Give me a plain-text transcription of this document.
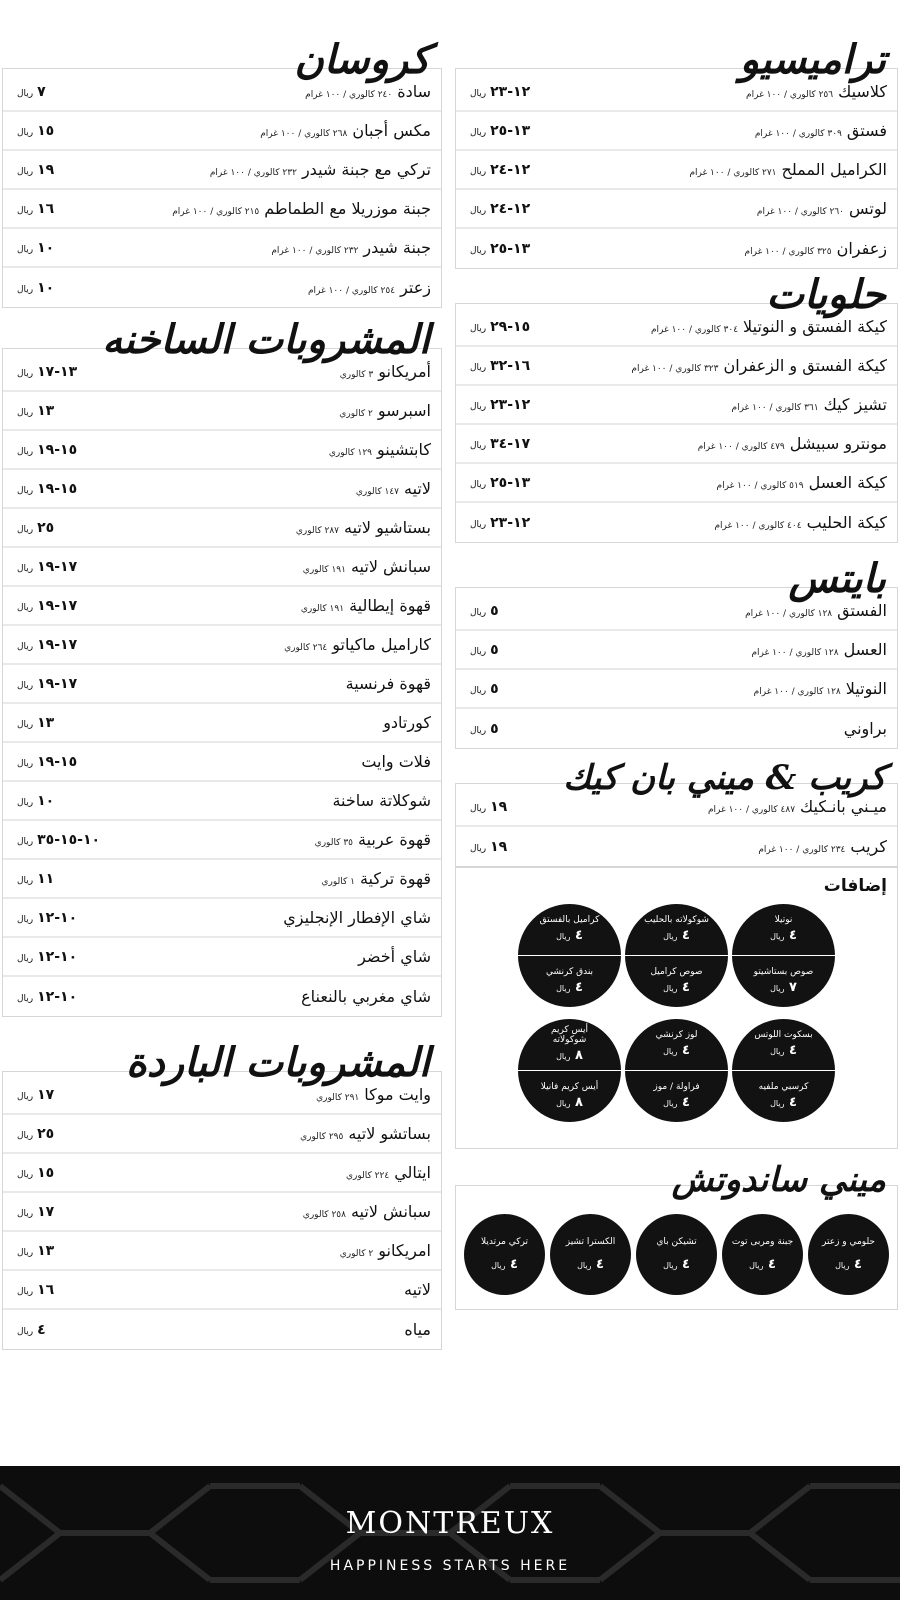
كروسان
سادة
٢٤٠ كالوري / ١٠٠ غرام
٧
ريال
مكس أجبان
٢٦٨ كالوري / ١٠٠ غرام
١٥
ريال
تركي مع جبنة شيدر
٢٣٢ كالوري / ١٠٠ غرام
١٩
ريال
جبنة موزريلا مع الطماطم
٢١٥ كالوري / ١٠٠ غرام
١٦
ريال
جبنة شيدر
٢٣٢ كالوري / ١٠٠ غرام
١٠
ريال
زعتر
٢٥٤ كالوري / ١٠٠ غرام
١٠
ريال
المشروبات الساخنه
أمريكانو
٣ كالوري
١٣-١٧
ريال
اسبرسو
٢ كالوري
١٣
ريال
كابتشينو
١٢٩ كالوري
١٥-١٩
ريال
لاتيه
١٤٧ كالوري
١٥-١٩
ريال
بستاشيو لاتيه
٢٨٧ كالوري
٢٥
ريال
سبانش لاتيه
١٩١ كالوري
١٧-١٩
ريال
قهوة إيطالية
١٩١ كالوري
١٧-١٩
ريال
كاراميل ماكياتو
٢٦٤ كالوري
١٧-١٩
ريال
قهوة فرنسية
١٧-١٩
ريال
كورتادو
١٣
ريال
فلات وايت
١٥-١٩
ريال
شوكلاتة ساخنة
١٠
ريال
قهوة عربية
٣٥ كالوري
١٠-١٥-٣٥
ريال
قهوة تركية
١ كالوري
١١
ريال
شاي الإفطار الإنجليزي
١٠-١٢
ريال
شاي أخضر
١٠-١٢
ريال
شاي مغربي بالنعناع
١٠-١٢
ريال
المشروبات الباردة
وايت موكا
٢٩١ كالوري
١٧
ريال
بساتشو لاتيه
٢٩٥ كالوري
٢٥
ريال
ايتالي
٢٢٤ كالوري
١٥
ريال
سبانش لاتيه
٢٥٨ كالوري
١٧
ريال
امريكانو
٢ كالوري
١٣
ريال
لاتيه
١٦
ريال
مياه
٤
ريال
تراميسيو
كلاسيك
٢٥٦ كالوري / ١٠٠ غرام
١٢-٢٣
ريال
فستق
٣٠٩ كالوري / ١٠٠ غرام
١٣-٢٥
ريال
الكراميل المملح
٢٧١ كالوري / ١٠٠ غرام
١٢-٢٤
ريال
لوتس
٢٦٠ كالوري / ١٠٠ غرام
١٢-٢٤
ريال
زعفران
٣٢٥ كالوري / ١٠٠ غرام
١٣-٢٥
ريال
حلويات
كيكة الفستق و النوتيلا
٣٠٤ كالوري / ١٠٠ غرام
١٥-٢٩
ريال
كيكة الفستق و الزعفران
٣٢٣ كالوري / ١٠٠ غرام
١٦-٣٢
ريال
تشيز كيك
٣٦١ كالوري / ١٠٠ غرام
١٢-٢٣
ريال
مونترو سبيشل
٤٧٩ كالوري / ١٠٠ غرام
١٧-٣٤
ريال
كيكة العسل
٥١٩ كالوري / ١٠٠ غرام
١٣-٢٥
ريال
كيكة الحليب
٤٠٤ كالوري / ١٠٠ غرام
١٢-٢٣
ريال
بايتس
الفستق
١٢٨ كالوري / ١٠٠ غرام
٥
ريال
العسل
١٢٨ كالوري / ١٠٠ غرام
٥
ريال
النوتيلا
١٢٨ كالوري / ١٠٠ غرام
٥
ريال
براوني
٥
ريال
كريب & ميني بان كيك
ميـني بانـكيك
٤٨٧ كالوري / ١٠٠ غرام
١٩
ريال
كريب
٢٣٤ كالوري / ١٠٠ غرام
١٩
ريال
إضافات
نوتيلا
٤ ريال
صوص بستاشيتو
٧ ريال
شوكولاته بالحليب
٤ ريال
صوص كراميل
٤ ريال
كراميل بالفستق
٤ ريال
بندق كرنشي
٤ ريال
بسكوت اللوتس
٤ ريال
كرسبي ملفيه
٤ ريال
لوز كرنشي
٤ ريال
فراولة / موز
٤ ريال
أيس كريم شوكولاته
٨ ريال
أيس كريم فانيلا
٨ ريال
ميني ساندوتش
حلومي و زعتر
٤ ريال
جبنة ومربى توت
٤ ريال
تشيكن باي
٤ ريال
الكسترا تشيز
٤ ريال
تركي مرتديلا
٤ ريال
MONTREUX
HAPPINESS STARTS HERE
